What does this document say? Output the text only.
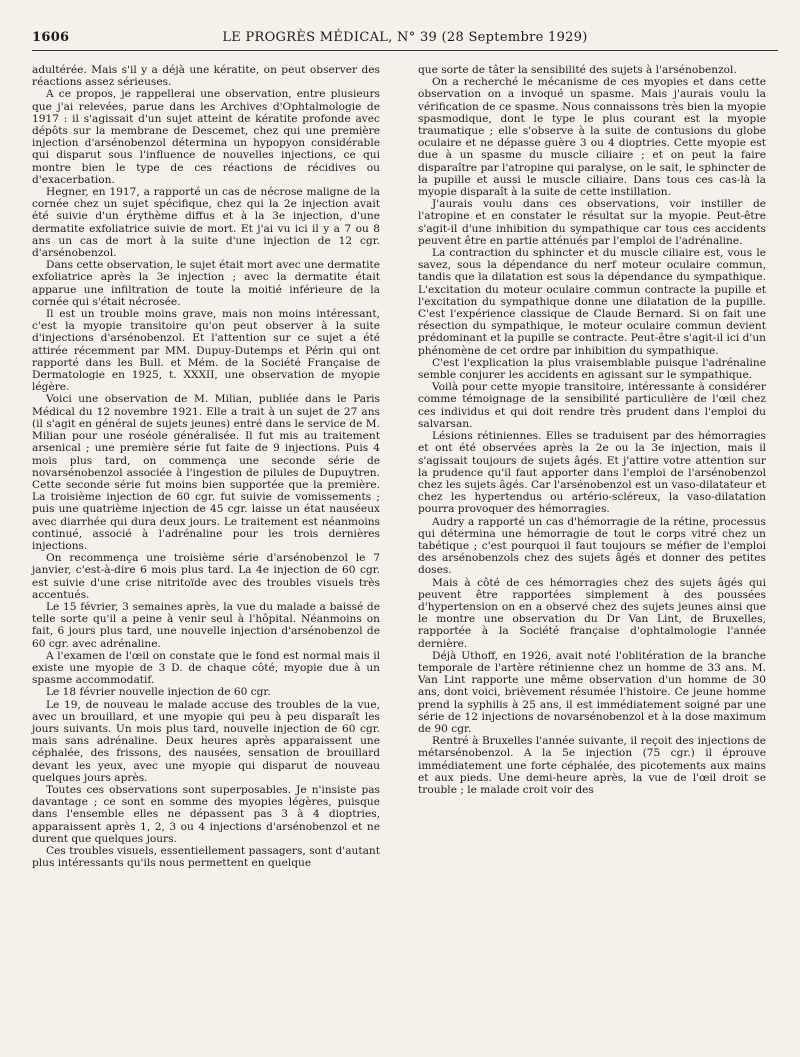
1606	LE PROGRÈS MÉDICAL, N° 39 (28 Septembre 1929)

adultérée. Mais s'il y a déjà une kératite, on peut observer des réactions assez sérieuses.

A ce propos, je rappellerai une observation, entre plusieurs que j'ai relevées, parue dans les Archives d'Ophtalmologie de 1917 : il s'agissait d'un sujet atteint de kératite profonde avec dépôts sur la membrane de Descemet, chez qui une première injection d'arsénobenzol détermina un hypopyon considérable qui disparut sous l'influence de nouvelles injections, ce qui montre bien le type de ces réactions de récidives ou d'exacerbation.

Hegner, en 1917, a rapporté un cas de nécrose maligne de la cornée chez un sujet spécifique, chez qui la 2e injection avait été suivie d'un érythème diffus et à la 3e injection, d'une dermatite exfoliatrice suivie de mort. Et j'ai vu ici il y a 7 ou 8 ans un cas de mort à la suite d'une injection de 12 cgr. d'arsénobenzol.

Dans cette observation, le sujet était mort avec une dermatite exfoliatrice après la 3e injection ; avec la dermatite était apparue une infiltration de toute la moitié inférieure de la cornée qui s'était nécrosée.

Il est un trouble moins grave, mais non moins intéressant, c'est la myopie transitoire qu'on peut observer à la suite d'injections d'arsénobenzol. Et l'attention sur ce sujet a été attirée récemment par MM. Dupuy-Dutemps et Périn qui ont rapporté dans les Bull. et Mém. de la Société Française de Dermatologie en 1925, t. XXXII, une observation de myopie légère.

Voici une observation de M. Milian, publiée dans le Paris Médical du 12 novembre 1921. Elle a trait à un sujet de 27 ans (il s'agit en général de sujets jeunes) entré dans le service de M. Milian pour une roséole généralisée. Il fut mis au traitement arsenical ; une première série fut faite de 9 injections. Puis 4 mois plus tard, on commença une seconde série de novarsénobenzol associée à l'ingestion de pilules de Dupuytren. Cette seconde série fut moins bien supportée que la première. La troisième injection de 60 cgr. fut suivie de vomissements ; puis une quatrième injection de 45 cgr. laisse un état nauséeux avec diarrhée qui dura deux jours. Le traitement est néanmoins continué, associé à l'adrénaline pour les trois dernières injections.

On recommença une troisième série d'arsénobenzol le 7 janvier, c'est-à-dire 6 mois plus tard. La 4e injection de 60 cgr. est suivie d'une crise nitritoïde avec des troubles visuels très accentués.

Le 15 février, 3 semaines après, la vue du malade a baissé de telle sorte qu'il a peine à venir seul à l'hôpital. Néanmoins on fait, 6 jours plus tard, une nouvelle injection d'arsénobenzol de 60 cgr. avec adrénaline.

A l'examen de l'œil on constate que le fond est normal mais il existe une myopie de 3 D. de chaque côté, myopie due à un spasme accommodatif.

Le 18 février nouvelle injection de 60 cgr.

Le 19, de nouveau le malade accuse des troubles de la vue, avec un brouillard, et une myopie qui peu à peu disparaît les jours suivants. Un mois plus tard, nouvelle injection de 60 cgr. mais sans adrénaline. Deux heures après apparaissent une céphalée, des frissons, des nausées, sensation de brouillard devant les yeux, avec une myopie qui disparut de nouveau quelques jours après.

Toutes ces observations sont superposables. Je n'insiste pas davantage ; ce sont en somme des myopies légères, puisque dans l'ensemble elles ne dépassent pas 3 à 4 dioptries, apparaissent après 1, 2, 3 ou 4 injections d'arsénobenzol et ne durent que quelques jours.

Ces troubles visuels, essentiellement passagers, sont d'autant plus intéressants qu'ils nous permettent en quelque

que sorte de tâter la sensibilité des sujets à l'arsénobenzol.

On a recherché le mécanisme de ces myopies et dans cette observation on a invoqué un spasme. Mais j'aurais voulu la vérification de ce spasme. Nous connaissons très bien la myopie spasmodique, dont le type le plus courant est la myopie traumatique ; elle s'observe à la suite de contusions du globe oculaire et ne dépasse guère 3 ou 4 dioptries. Cette myopie est due à un spasme du muscle ciliaire ; et on peut la faire disparaître par l'atropine qui paralyse, on le sait, le sphincter de la pupille et aussi le muscle ciliaire. Dans tous ces cas-là la myopie disparaît à la suite de cette instillation.

J'aurais voulu dans ces observations, voir instiller de l'atropine et en constater le résultat sur la myopie. Peut-être s'agit-il d'une inhibition du sympathique car tous ces accidents peuvent être en partie atténués par l'emploi de l'adrénaline.

La contraction du sphincter et du muscle ciliaire est, vous le savez, sous la dépendance du nerf moteur oculaire commun, tandis que la dilatation est sous la dépendance du sympathique. L'excitation du moteur oculaire commun contracte la pupille et l'excitation du sympathique donne une dilatation de la pupille. C'est l'expérience classique de Claude Bernard. Si on fait une résection du sympathique, le moteur oculaire commun devient prédominant et la pupille se contracte. Peut-être s'agit-il ici d'un phénomène de cet ordre par inhibition du sympathique.

C'est l'explication la plus vraisemblable puisque l'adrénaline semble conjurer les accidents en agissant sur le sympathique.

Voilà pour cette myopie transitoire, intéressante à considérer comme témoignage de la sensibilité particulière de l'œil chez ces individus et qui doit rendre très prudent dans l'emploi du salvarsan.

Lésions rétiniennes. Elles se traduisent par des hémorragies et ont été observées après la 2e ou la 3e injection, mais il s'agissait toujours de sujets âgés. Et j'attire votre attention sur la prudence qu'il faut apporter dans l'emploi de l'arsénobenzol chez les sujets âgés. Car l'arsénobenzol est un vaso-dilatateur et chez les hypertendus ou artério-scléreux, la vaso-dilatation pourra provoquer des hémorragies.

Audry a rapporté un cas d'hémorragie de la rétine, processus qui détermina une hémorragie de tout le corps vitré chez un tabétique ; c'est pourquoi il faut toujours se méfier de l'emploi des arsénobenzols chez des sujets âgés et donner des petites doses.

Mais à côté de ces hémorragies chez des sujets âgés qui peuvent être rapportées simplement à des poussées d'hypertension on en a observé chez des sujets jeunes ainsi que le montre une observation du Dr Van Lint, de Bruxelles, rapportée à la Société française d'ophtalmologie l'année dernière.

Déjà Uthoff, en 1926, avait noté l'oblitération de la branche temporale de l'artère rétinienne chez un homme de 33 ans. M. Van Lint rapporte une même observation d'un homme de 30 ans, dont voici, brièvement résumée l'histoire. Ce jeune homme prend la syphilis à 25 ans, il est immédiatement soigné par une série de 12 injections de novarsénobenzol et à la dose maximum de 90 cgr.

Rentré à Bruxelles l'année suivante, il reçoit des injections de métarsénobenzol. A la 5e injection (75 cgr.) il éprouve immédiatement une forte céphalée, des picotements aux mains et aux pieds. Une demi-heure après, la vue de l'œil droit se trouble ; le malade croit voir des
